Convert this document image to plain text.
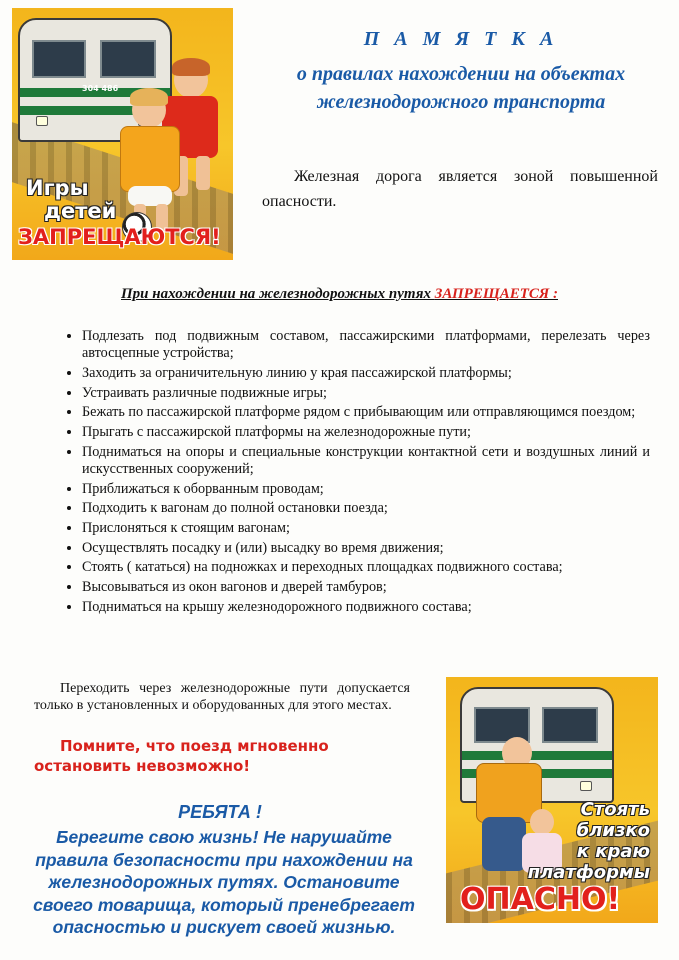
304 486

Игры

детей

ЗАПРЕЩАЮТСЯ!

П А М Я Т К А
о правилах нахождении на объектах железнодорожного транспорта

Железная дорога является зоной повышенной опасности.

При нахождении на железнодорожных путях ЗАПРЕЩАЕТСЯ :

• Подлезать под подвижным составом, пассажирскими платформами, перелезать через автосцепные устройства;
• Заходить за ограничительную линию у края пассажирской платформы;
• Устраивать различные подвижные игры;
• Бежать по пассажирской платформе рядом с прибывающим или отправляющимся поездом;
• Прыгать с пассажирской платформы на железнодорожные пути;
• Подниматься на опоры и специальные конструкции контактной сети и воздушных линий и искусственных сооружений;
• Приближаться к оборванным проводам;
• Подходить к вагонам до полной остановки поезда;
• Прислоняться к стоящим вагонам;
• Осуществлять посадку и (или) высадку во время движения;
• Стоять ( кататься) на подножках и переходных площадках подвижного состава;
• Высовываться из окон вагонов и дверей тамбуров;
• Подниматься на крышу железнодорожного подвижного состава;

Переходить через железнодорожные пути допускается только в установленных и оборудованных для этого местах.

Помните, что поезд мгновенно остановить невозможно!

РЕБЯТА !

Берегите свою жизнь! Не нарушайте правила безопасности при нахождении на железнодорожных путях. Остановите своего товарища, который пренебрегает опасностью и рискует своей жизнью.

Стоять

близко

к краю

платформы

ОПАСНО!
